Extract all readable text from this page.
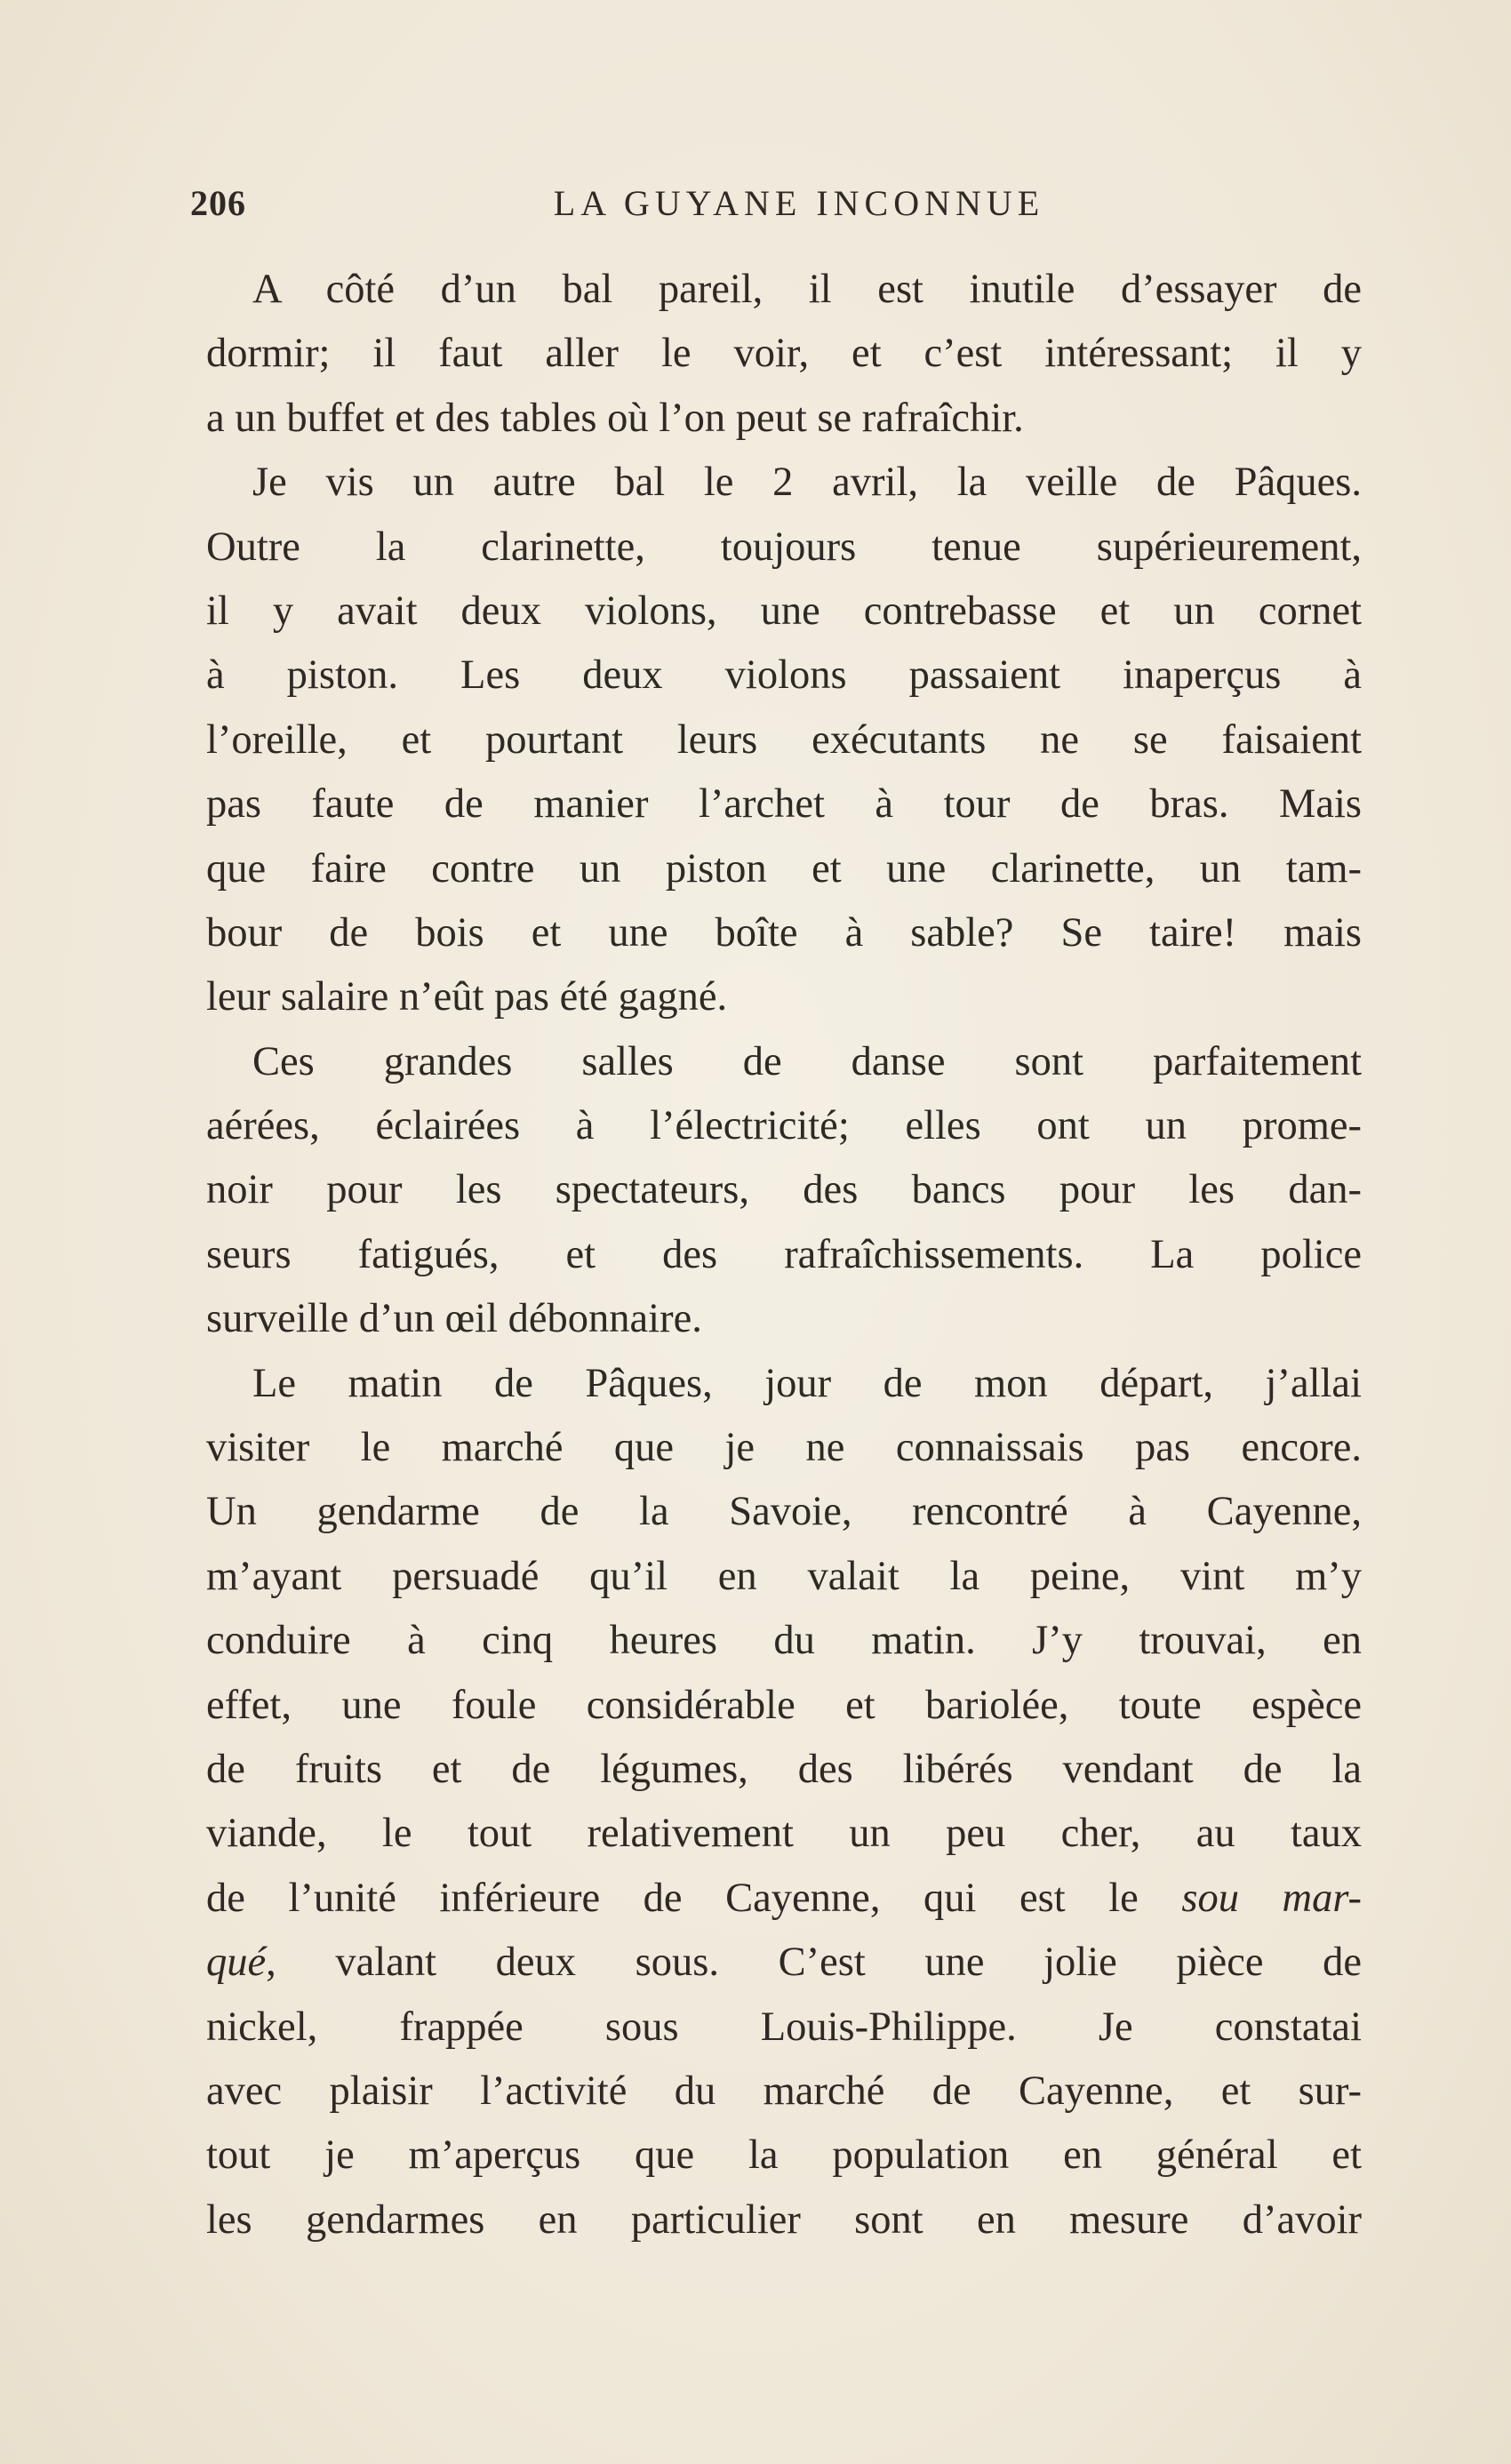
206	LA GUYANE INCONNUE
A côté d’un bal pareil, il est inutile d’essayer de
dormir; il faut aller le voir, et c’est intéressant; il y
a un buffet et des tables où l’on peut se rafraîchir.
Je vis un autre bal le 2 avril, la veille de Pâques.
Outre la clarinette, toujours tenue supérieurement,
il y avait deux violons, une contrebasse et un cornet
à piston. Les deux violons passaient inaperçus à
l’oreille, et pourtant leurs exécutants ne se faisaient
pas faute de manier l’archet à tour de bras. Mais
que faire contre un piston et une clarinette, un tam-
bour de bois et une boîte à sable? Se taire! mais
leur salaire n’eût pas été gagné.
Ces grandes salles de danse sont parfaitement
aérées, éclairées à l’électricité; elles ont un prome-
noir pour les spectateurs, des bancs pour les dan-
seurs fatigués, et des rafraîchissements. La police
surveille d’un œil débonnaire.
Le matin de Pâques, jour de mon départ, j’allai
visiter le marché que je ne connaissais pas encore.
Un gendarme de la Savoie, rencontré à Cayenne,
m’ayant persuadé qu’il en valait la peine, vint m’y
conduire à cinq heures du matin. J’y trouvai, en
effet, une foule considérable et bariolée, toute espèce
de fruits et de légumes, des libérés vendant de la
viande, le tout relativement un peu cher, au taux
de l’unité inférieure de Cayenne, qui est le sou mar-
qué, valant deux sous. C’est une jolie pièce de
nickel, frappée sous Louis-Philippe. Je constatai
avec plaisir l’activité du marché de Cayenne, et sur-
tout je m’aperçus que la population en général et
les gendarmes en particulier sont en mesure d’avoir
